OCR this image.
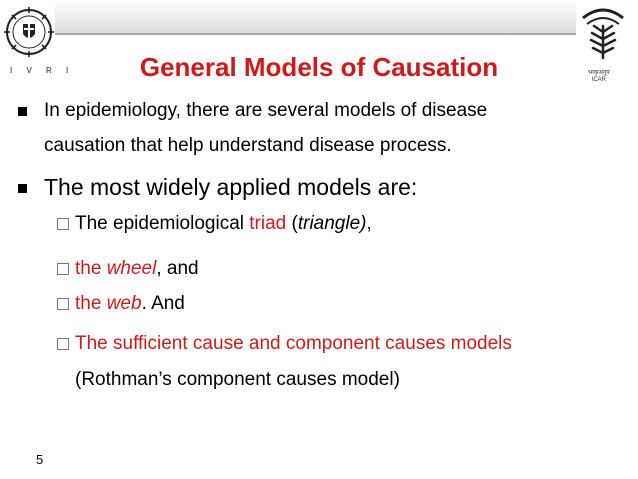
I V R I	भाकृअनुप
ICAR
General Models of Causation
In epidemiology, there are several models of disease
causation that help understand disease process.
The most widely applied models are:
The epidemiological triad (triangle),
the wheel, and
the web. And
The sufficient cause and component causes models
(Rothman’s component causes model)
5
